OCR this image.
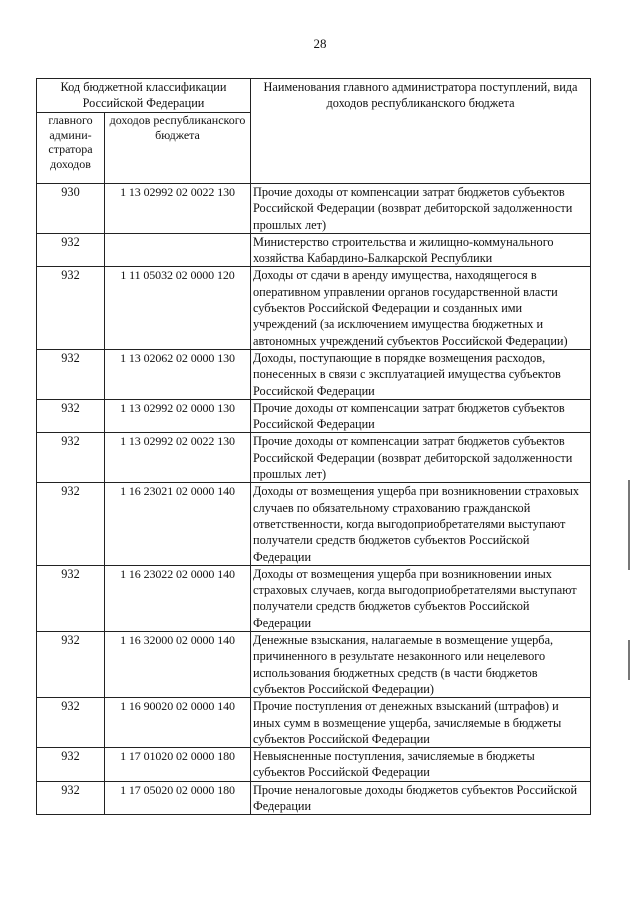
28
Код бюджетной классификации Российской Федерации		Наименования главного администратора поступлений, вида доходов республиканского бюджета
главного админи-стратора доходов	доходов республиканского бюджета	
930	1 13 02992 02 0022 130	Прочие доходы от компенсации затрат бюджетов субъектов Российской Федерации (возврат дебиторской задолженности прошлых лет)
932		Министерство строительства и жилищно-коммунального хозяйства Кабардино-Балкарской Республики
932	1 11 05032 02 0000 120	Доходы от сдачи в аренду имущества, находящегося в оперативном управлении органов государственной власти субъектов Российской Федерации и созданных ими учреждений (за исключением имущества бюджетных и автономных учреждений субъектов Российской Федерации)
932	1 13 02062 02 0000 130	Доходы, поступающие в порядке возмещения расходов, понесенных в связи с эксплуатацией имущества субъектов Российской Федерации
932	1 13 02992 02 0000 130	Прочие доходы от компенсации затрат бюджетов субъектов Российской Федерации
932	1 13 02992 02 0022 130	Прочие доходы от компенсации затрат бюджетов субъектов Российской Федерации (возврат дебиторской задолженности прошлых лет)
932	1 16 23021 02 0000 140	Доходы от возмещения ущерба при возникновении страховых случаев по обязательному страхованию гражданской ответственности, когда выгодоприобретателями выступают получатели средств бюджетов субъектов Российской Федерации
932	1 16 23022 02 0000 140	Доходы от возмещения ущерба при возникновении иных страховых случаев, когда выгодоприобретателями выступают получатели средств бюджетов субъектов Российской Федерации
932	1 16 32000 02 0000 140	Денежные взыскания, налагаемые в возмещение ущерба, причиненного в результате незаконного или нецелевого использования бюджетных средств (в части бюджетов субъектов Российской Федерации)
932	1 16 90020 02 0000 140	Прочие поступления от денежных взысканий (штрафов) и иных сумм в возмещение ущерба, зачисляемые в бюджеты субъектов Российской Федерации
932	1 17 01020 02 0000 180	Невыясненные поступления, зачисляемые в бюджеты субъектов Российской Федерации
932	1 17 05020 02 0000 180	Прочие неналоговые доходы бюджетов субъектов Российской Федерации
